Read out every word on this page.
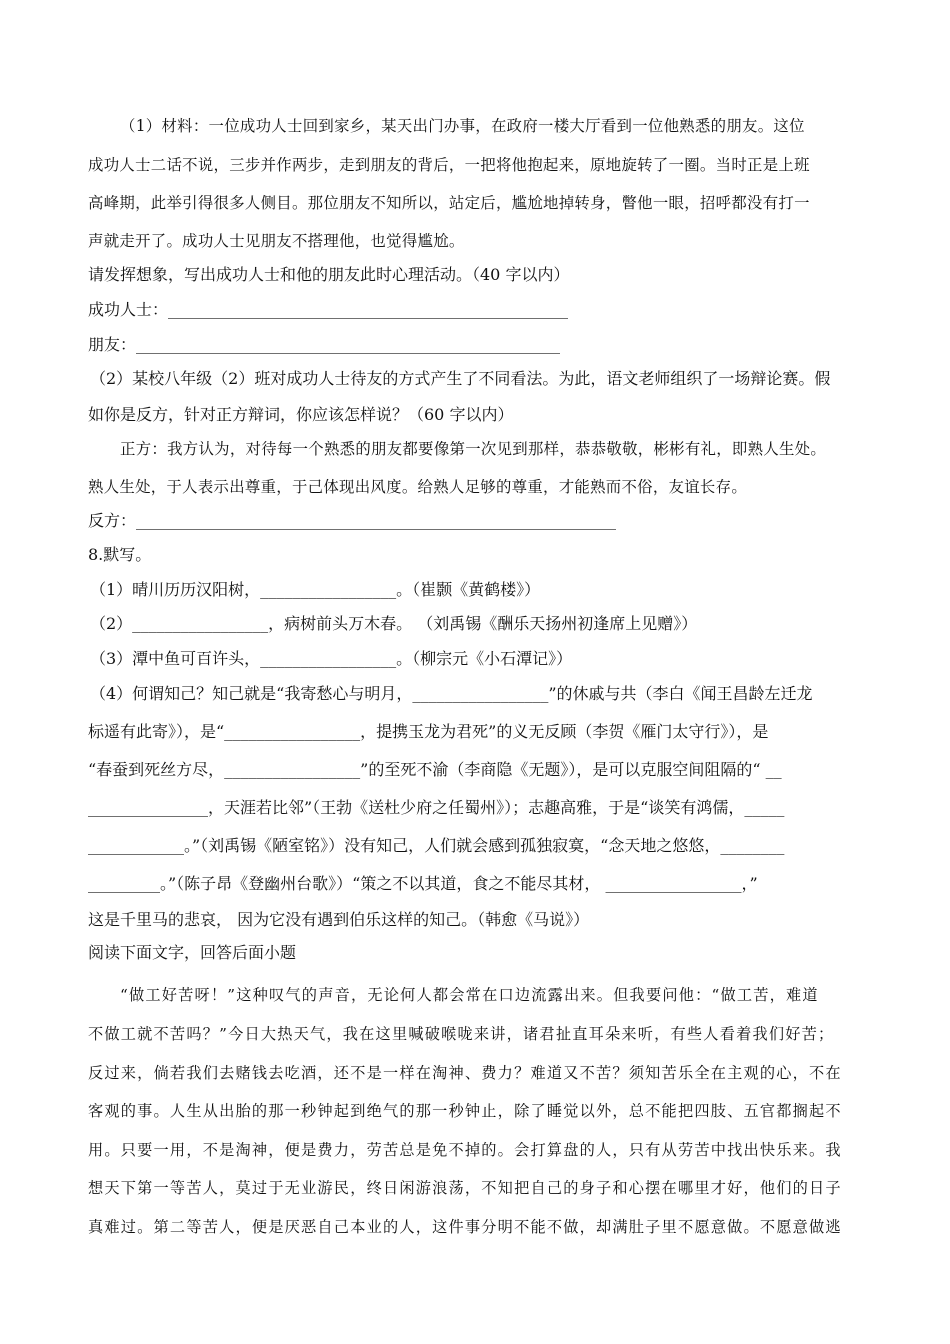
（1）材料：一位成功人士回到家乡，某天出门办事，在政府一楼大厅看到一位他熟悉的朋友。这位
成功人士二话不说，三步并作两步，走到朋友的背后，一把将他抱起来，原地旋转了一圈。当时正是上班
高峰期，此举引得很多人侧目。那位朋友不知所以，站定后，尴尬地掉转身，瞥他一眼，招呼都没有打一
声就走开了。成功人士见朋友不搭理他，也觉得尴尬。
请发挥想象，写出成功人士和他的朋友此时心理活动。（40 字以内）
成功人士：__________________________________________________
朋友：_____________________________________________________
（2）某校八年级（2）班对成功人士待友的方式产生了不同看法。为此，语文老师组织了一场辩论赛。假
如你是反方，针对正方辩词，你应该怎样说？（60 字以内）
正方：我方认为，对待每一个熟悉的朋友都要像第一次见到那样，恭恭敬敬，彬彬有礼，即熟人生处。
熟人生处，于人表示出尊重，于己体现出风度。给熟人足够的尊重，才能熟而不俗，友谊长存。
反方：____________________________________________________________
8.默写。
（1）晴川历历汉阳树，_________________。（崔颢《黄鹤楼》）
（2）_________________，病树前头万木春。 （刘禹锡《酬乐天扬州初逢席上见赠》）
（3）潭中鱼可百许头，_________________。（柳宗元《小石潭记》）
（4）何谓知己？知己就是“我寄愁心与明月，_________________”的休戚与共（李白《闻王昌龄左迁龙
标遥有此寄》），是“_________________，提携玉龙为君死”的义无反顾（李贺《雁门太守行》），是
“春蚕到死丝方尽，_________________”的至死不渝（李商隐《无题》），是可以克服空间阻隔的“ __
_______________，天涯若比邻”（王勃《送杜少府之任蜀州》）；志趣高雅，于是“谈笑有鸿儒，_____
____________。”（刘禹锡《陋室铭》）没有知己，人们就会感到孤独寂寞，“念天地之悠悠，________
_________。”（陈子昂《登幽州台歌》）“策之不以其道，食之不能尽其材， _________________，”
这是千里马的悲哀， 因为它没有遇到伯乐这样的知己。（韩愈《马说》）
阅读下面文字，回答后面小题
“做工好苦呀！”这种叹气的声音，无论何人都会常在口边流露出来。但我要问他：“做工苦，难道
不做工就不苦吗？”今日大热天气，我在这里喊破喉咙来讲，诸君扯直耳朵来听，有些人看着我们好苦；
反过来，倘若我们去赌钱去吃酒，还不是一样在淘神、费力？难道又不苦？须知苦乐全在主观的心，不在
客观的事。人生从出胎的那一秒钟起到绝气的那一秒钟止，除了睡觉以外，总不能把四肢、五官都搁起不
用。只要一用，不是淘神，便是费力，劳苦总是免不掉的。会打算盘的人，只有从劳苦中找出快乐来。我
想天下第一等苦人，莫过于无业游民，终日闲游浪荡，不知把自己的身子和心摆在哪里才好，他们的日子
真难过。第二等苦人，便是厌恶自己本业的人，这件事分明不能不做，却满肚子里不愿意做。不愿意做逃
